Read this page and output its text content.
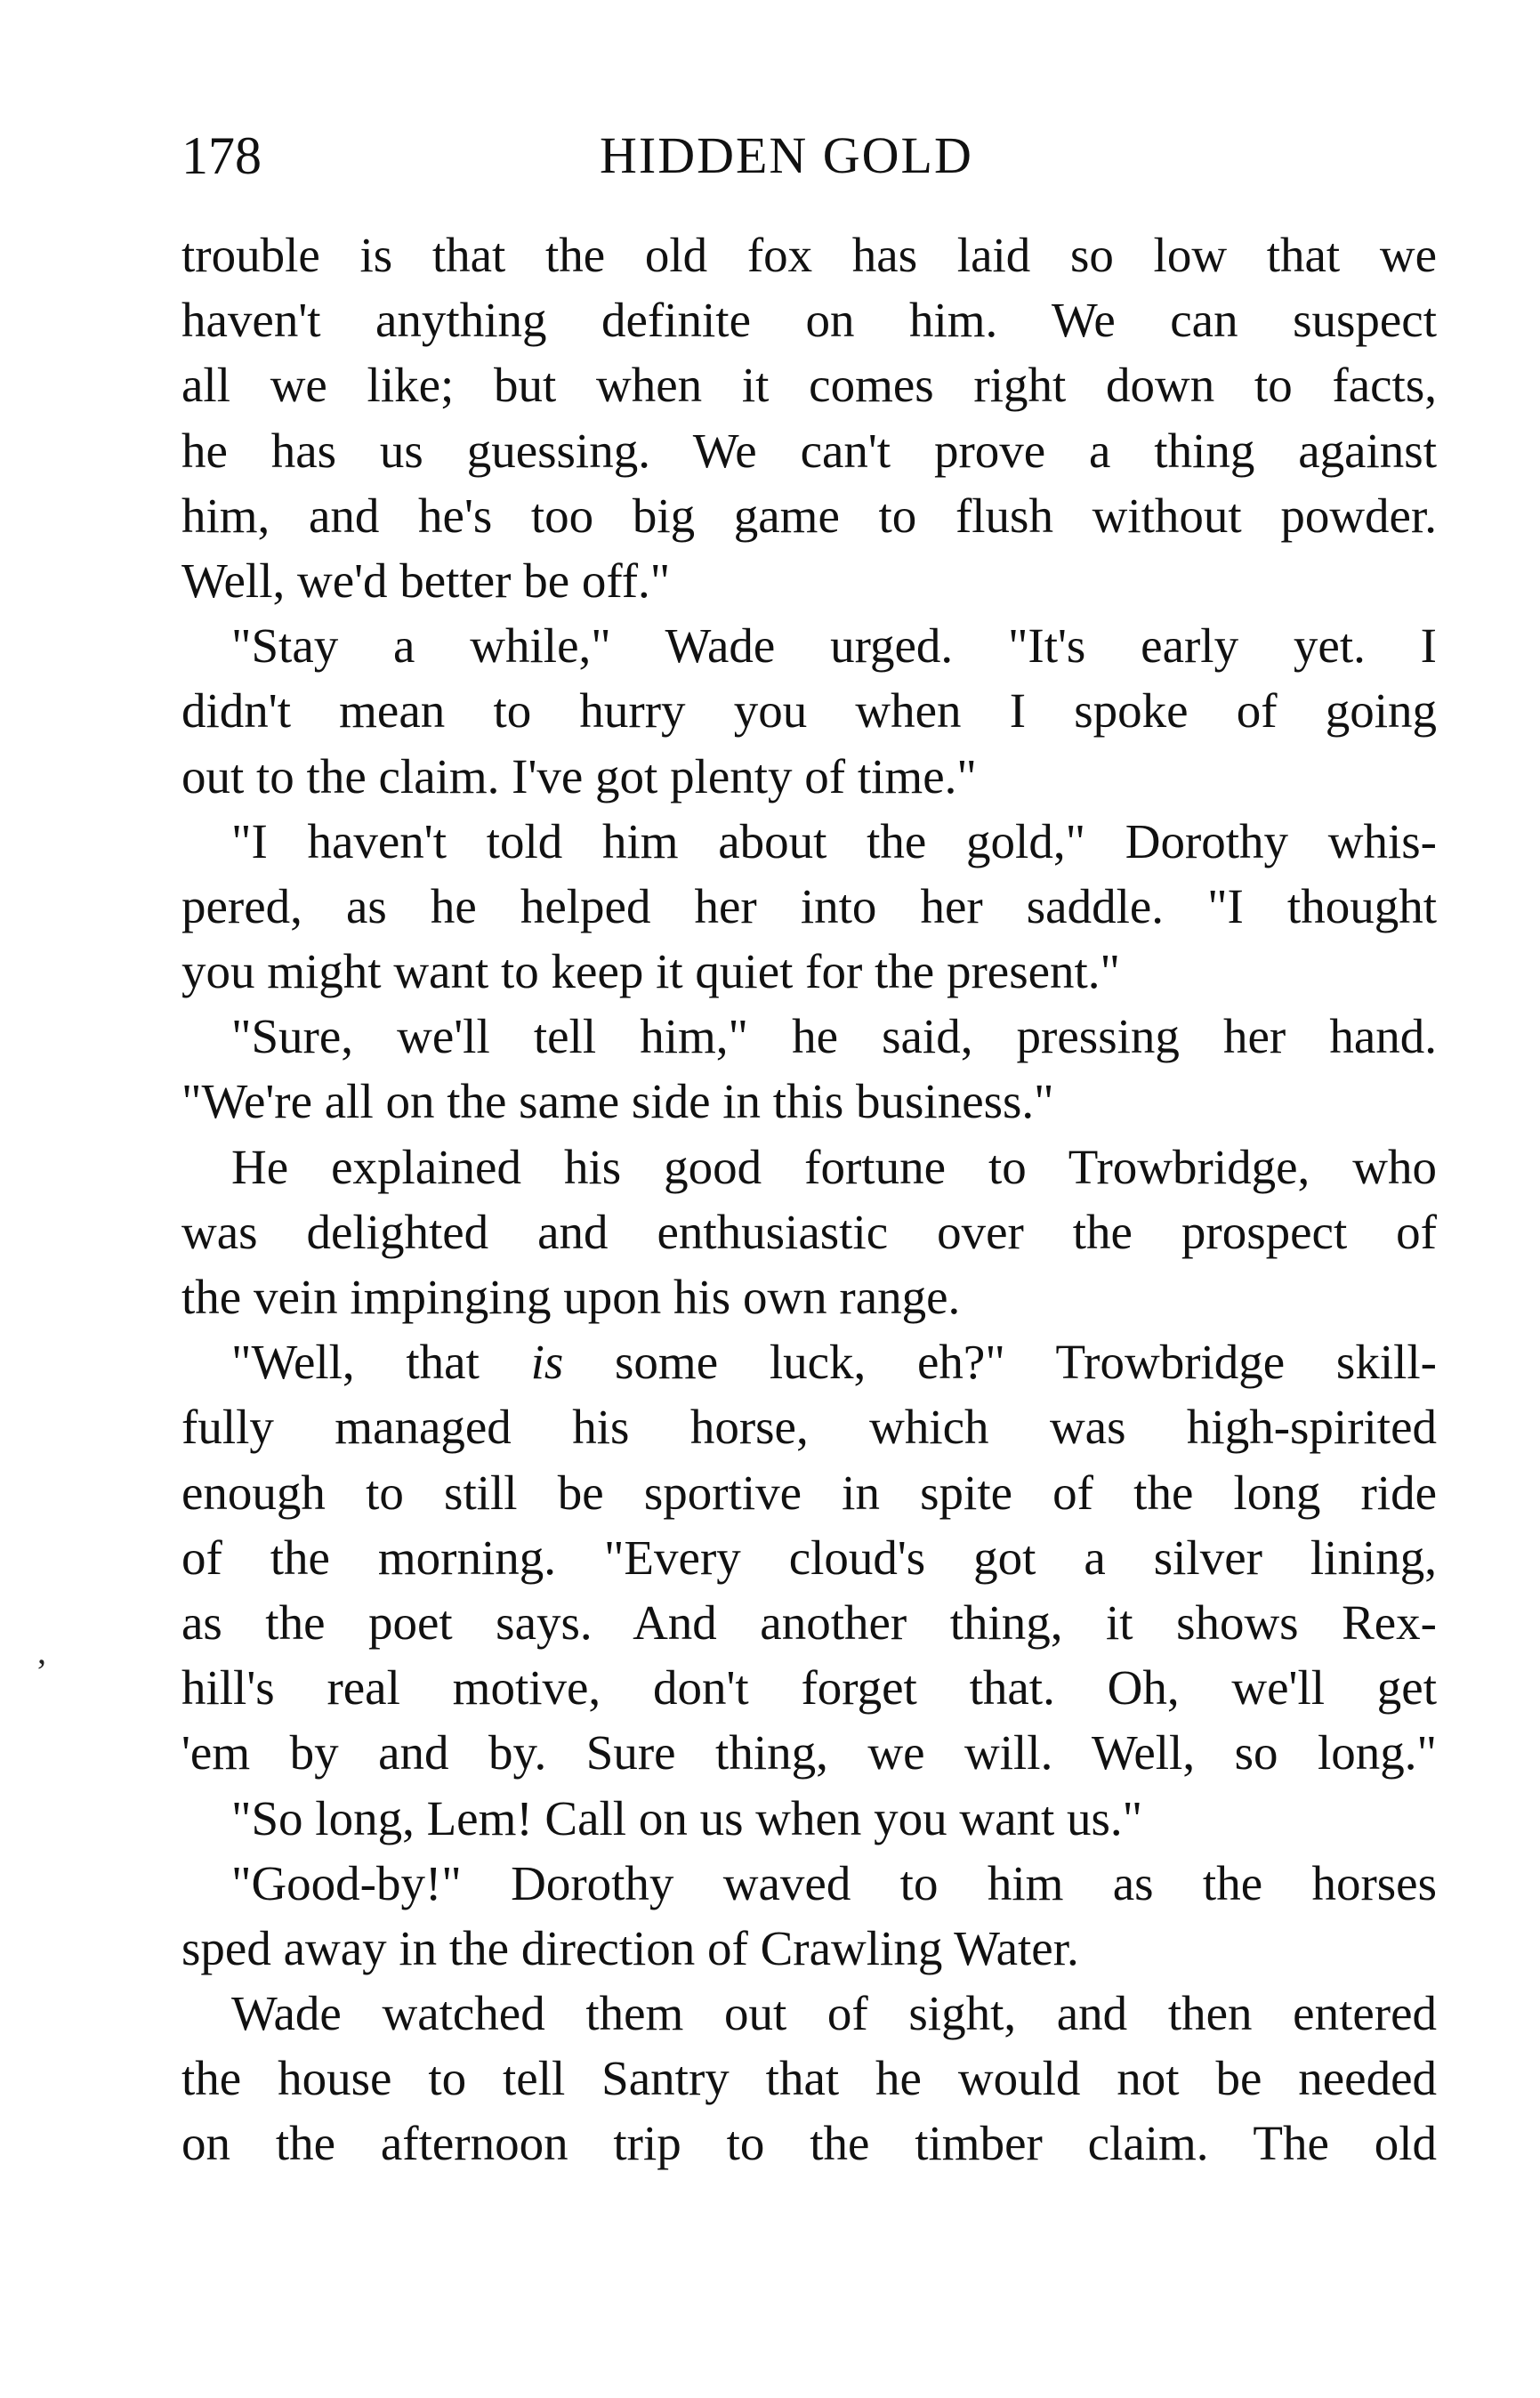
178	HIDDEN GOLD
trouble is that the old fox has laid so low that we
haven't anything definite on him. We can suspect
all we like; but when it comes right down to facts,
he has us guessing. We can't prove a thing against
him, and he's too big game to flush without powder.
Well, we'd better be off."
"Stay a while," Wade urged. "It's early yet. I
didn't mean to hurry you when I spoke of going
out to the claim. I've got plenty of time."
"I haven't told him about the gold," Dorothy whis-
pered, as he helped her into her saddle. "I thought
you might want to keep it quiet for the present."
"Sure, we'll tell him," he said, pressing her hand.
"We're all on the same side in this business."
He explained his good fortune to Trowbridge, who
was delighted and enthusiastic over the prospect of
the vein impinging upon his own range.
"Well, that is some luck, eh?" Trowbridge skill-
fully managed his horse, which was high-spirited
enough to still be sportive in spite of the long ride
of the morning. "Every cloud's got a silver lining,
as the poet says. And another thing, it shows Rex-
hill's real motive, don't forget that. Oh, we'll get
'em by and by. Sure thing, we will. Well, so long."
"So long, Lem! Call on us when you want us."
"Good-by!" Dorothy waved to him as the horses
sped away in the direction of Crawling Water.
Wade watched them out of sight, and then entered
the house to tell Santry that he would not be needed
on the afternoon trip to the timber claim. The old
’
